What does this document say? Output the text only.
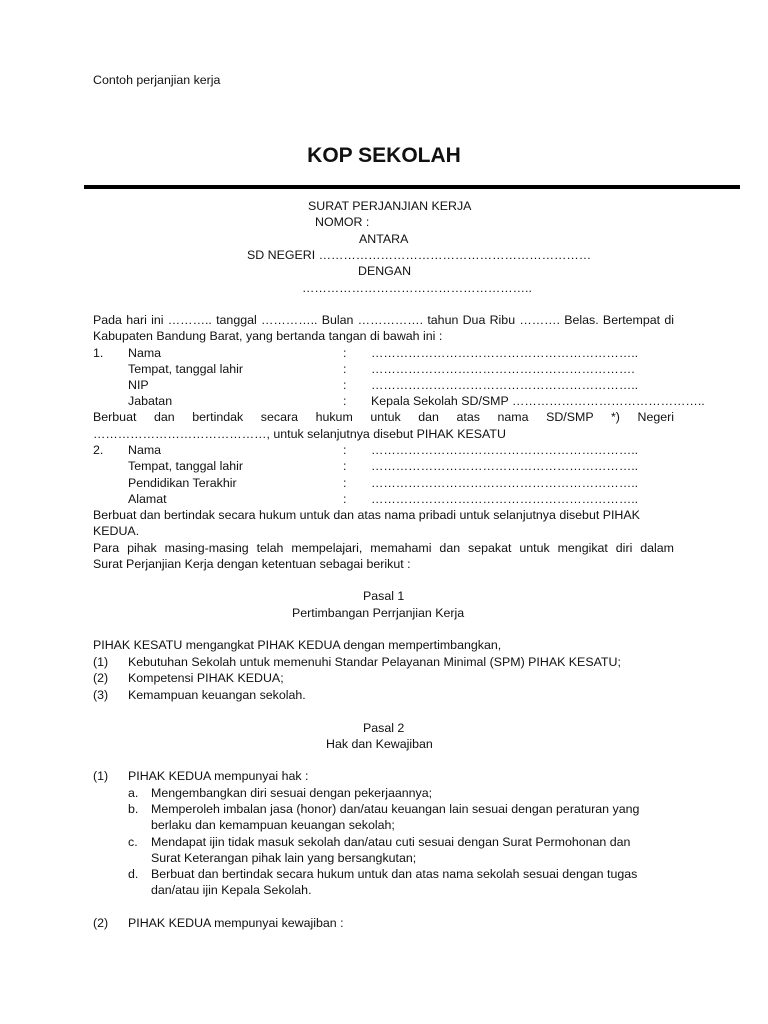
Contoh perjanjian kerja
KOP SEKOLAH
SURAT PERJANJIAN KERJA
NOMOR :
ANTARA
SD NEGERI …………………………………………………………
DENGAN
………………………………………………..
Pada hari ini ……….. tanggal ………….. Bulan ……………. tahun Dua Ribu ………. Belas. Bertempat di
Kabupaten Bandung Barat, yang bertanda tangan di bawah ini :
1. Nama	: ………………………………………………………..
Tempat, tanggal lahir	: ……………………………………………………….
NIP	: ………………………………………………………..
Jabatan	: Kepala Sekolah SD/SMP ………………………………………..
Berbuat dan bertindak secara hukum untuk dan atas nama SD/SMP *) Negeri
……………………………………, untuk selanjutnya disebut PIHAK KESATU
2. Nama	: ………………………………………………………..
Tempat, tanggal lahir	: ………………………………………………………..
Pendidikan Terakhir	: ………………………………………………………..
Alamat	: ………………………………………………………..
Berbuat dan bertindak secara hukum untuk dan atas nama pribadi untuk selanjutnya disebut PIHAK
KEDUA.
Para pihak masing-masing telah mempelajari, memahami dan sepakat untuk mengikat diri dalam
Surat Perjanjian Kerja dengan ketentuan sebagai berikut :
Pasal 1
Pertimbangan Perrjanjian Kerja
PIHAK KESATU mengangkat PIHAK KEDUA dengan mempertimbangkan,
(1) Kebutuhan Sekolah untuk memenuhi Standar Pelayanan Minimal (SPM) PIHAK KESATU;
(2) Kompetensi PIHAK KEDUA;
(3) Kemampuan keuangan sekolah.
Pasal 2
Hak dan Kewajiban
(1) PIHAK KEDUA mempunyai hak :
a. Mengembangkan diri sesuai dengan pekerjaannya;
b. Memperoleh imbalan jasa (honor) dan/atau keuangan lain sesuai dengan peraturan yang
berlaku dan kemampuan keuangan sekolah;
c. Mendapat ijin tidak masuk sekolah dan/atau cuti sesuai dengan Surat Permohonan dan
Surat Keterangan pihak lain yang bersangkutan;
d. Berbuat dan bertindak secara hukum untuk dan atas nama sekolah sesuai dengan tugas
dan/atau ijin Kepala Sekolah.
(2) PIHAK KEDUA mempunyai kewajiban :
